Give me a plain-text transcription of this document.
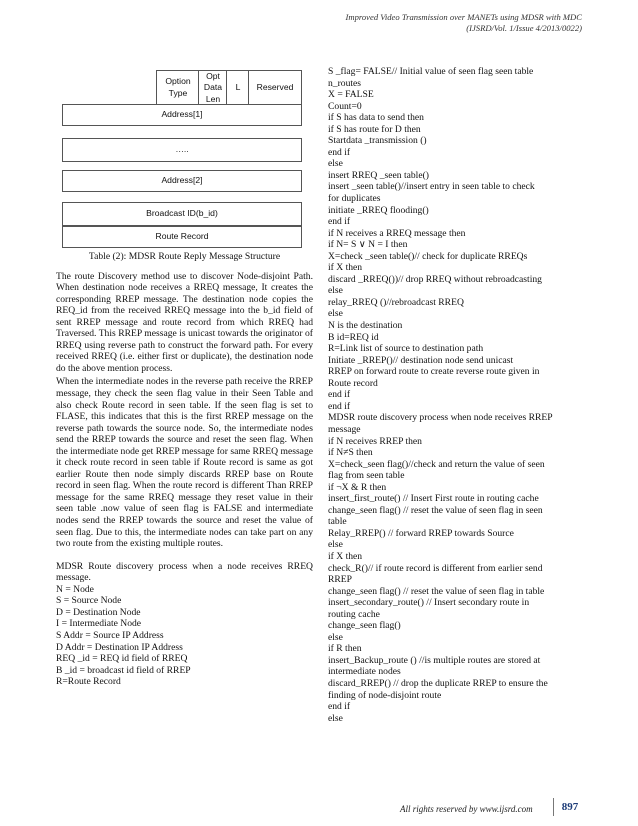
Improved Video Transmission over MANETs using MDSR with MDC
(IJSRD/Vol. 1/Issue 4/2013/0022)
Option Type
Opt Data Len
L Reserved
Address[1]
…..
Address[2]
Broadcast ID(b_id)
Route Record
Table (2): MDSR Route Reply Message Structure

The route Discovery method use to discover Node-disjoint Path. When destination node receives a RREQ message, It creates the corresponding RREP message. The destination node copies the REQ_id from the received RREQ message into the b_id field of sent RREP message and route record from which RREQ had Traversed. This RREP message is unicast towards the originator of RREQ using reverse path to construct the forward path. For every received RREQ (i.e. either first or duplicate), the destination node do the above mention process.

When the intermediate nodes in the reverse path receive the RREP message, they check the seen flag value in their Seen Table and also check Route record in seen table. If the seen flag is set to FLASE, this indicates that this is the first RREP message on the reverse path towards the source node. So, the intermediate nodes send the RREP towards the source and reset the seen flag. When the intermediate node get RREP message for same RREQ message it check route record in seen table if Route record is same as got earlier Route then node simply discards RREP base on Route record in seen flag. When the route record is different Than RREP message for the same RREQ message they reset value in their seen table .now value of seen flag is FALSE and intermediate nodes send the RREP towards the source and reset the value of seen flag. Due to this, the intermediate nodes can take part on any two route from the existing multiple routes.

MDSR Route discovery process when a node receives RREQ message.

N = Node
S = Source Node
D = Destination Node
I = Intermediate Node
S Addr = Source IP Address
D Addr = Destination IP Address
REQ _id = REQ id field of RREQ
B _id = broadcast id field of RREP
R=Route Record
S _flag= FALSE// Initial value of seen flag seen table
n_routes
X = FALSE
Count=0
if S has data to send then
if S has route for D then
Startdata _transmission ()
end if
else
insert RREQ _seen table()
insert _seen table()//insert entry in seen table to check
for duplicates
initiate _RREQ flooding()
end if
if N receives a RREQ message then
if N= S ∨ N = I then
X=check _seen table()// check for duplicate RREQs
if X then
discard _RREQ())// drop RREQ without rebroadcasting
else
relay_RREQ ()//rebroadcast RREQ
else
N is the destination
B id=REQ id
R=Link list of source to destination path
Initiate _RREP()// destination node send unicast
RREP on forward route to create reverse route given in
Route record
end if
end if
MDSR route discovery process when node receives RREP
message
if N receives RREP then
if N≠S then
X=check_seen flag()//check and return the value of seen
flag from seen table
if ¬X & R then
insert_first_route() // Insert First route in routing cache
change_seen flag() // reset the value of seen flag in seen
table
Relay_RREP() // forward RREP towards Source
else
if X then
check_R()// if route record is different from earlier send
RREP
change_seen flag() // reset the value of seen flag in table
insert_secondary_route() // Insert secondary route in
routing cache
change_seen flag()
else
if R then
insert_Backup_route () //is multiple routes are stored at
intermediate nodes
discard_RREP() // drop the duplicate RREP to ensure the
finding of node-disjoint route
end if
else
All rights reserved by www.ijsrd.com	897
